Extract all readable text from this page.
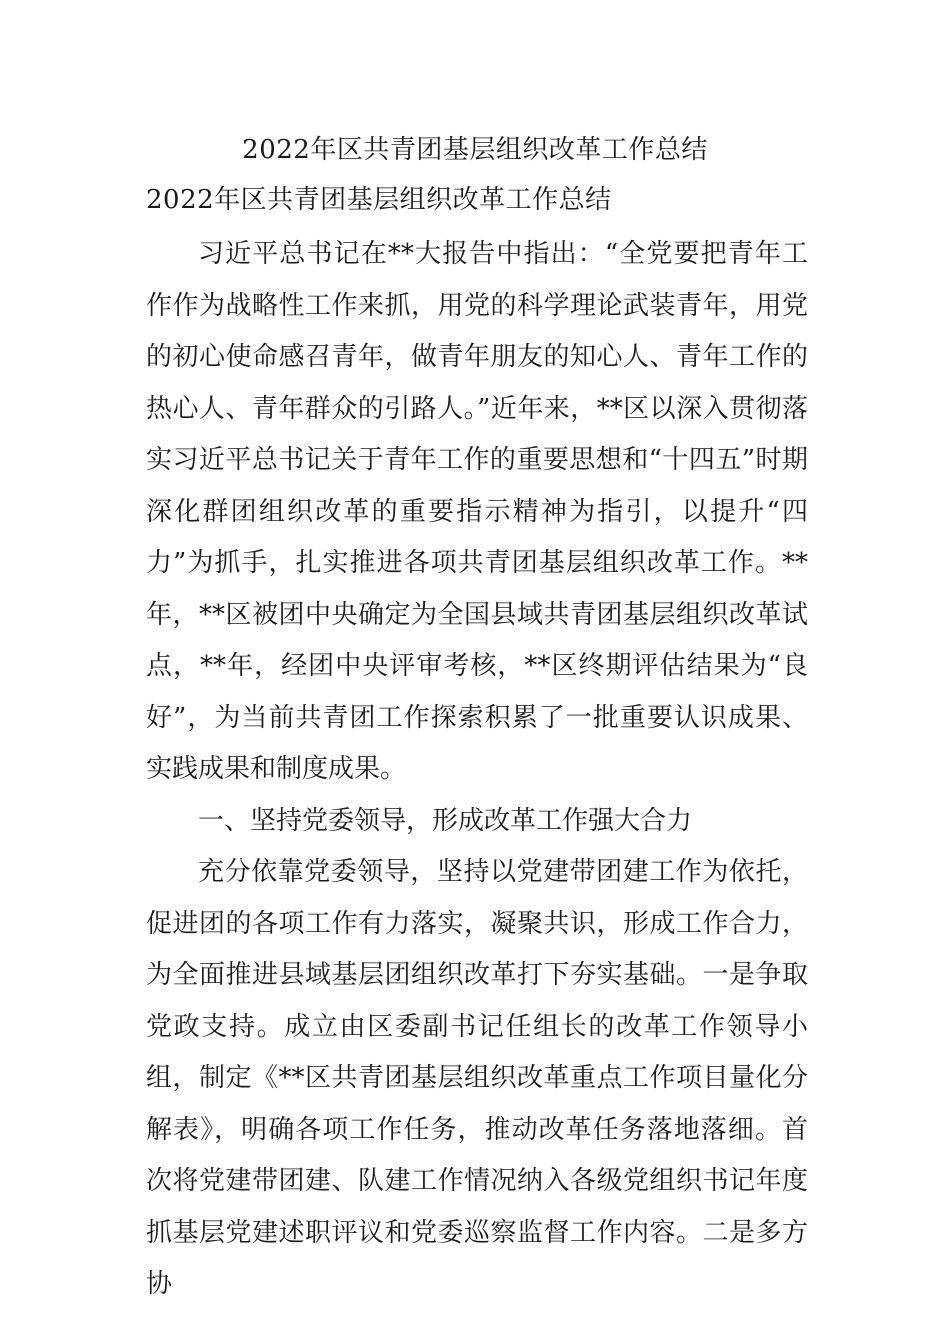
2022年区共青团基层组织改革工作总结
2022年区共青团基层组织改革工作总结

习近平总书记在**大报告中指出：“全党要把青年工作作为战略性工作来抓，用党的科学理论武装青年，用党的初心使命感召青年，做青年朋友的知心人、青年工作的热心人、青年群众的引路人。”近年来，**区以深入贯彻落实习近平总书记关于青年工作的重要思想和“十四五”时期深化群团组织改革的重要指示精神为指引，以提升“四力”为抓手，扎实推进各项共青团基层组织改革工作。**年，**区被团中央确定为全国县域共青团基层组织改革试点，**年，经团中央评审考核，**区终期评估结果为“良好”，为当前共青团工作探索积累了一批重要认识成果、实践成果和制度成果。

一、坚持党委领导，形成改革工作强大合力

充分依靠党委领导，坚持以党建带团建工作为依托，促进团的各项工作有力落实，凝聚共识，形成工作合力，为全面推进县域基层团组织改革打下夯实基础。一是争取党政支持。成立由区委副书记任组长的改革工作领导小组，制定《**区共青团基层组织改革重点工作项目量化分解表》，明确各项工作任务，推动改革任务落地落细。首次将党建带团建、队建工作情况纳入各级党组织书记年度抓基层党建述职评议和党委巡察监督工作内容。二是多方协
